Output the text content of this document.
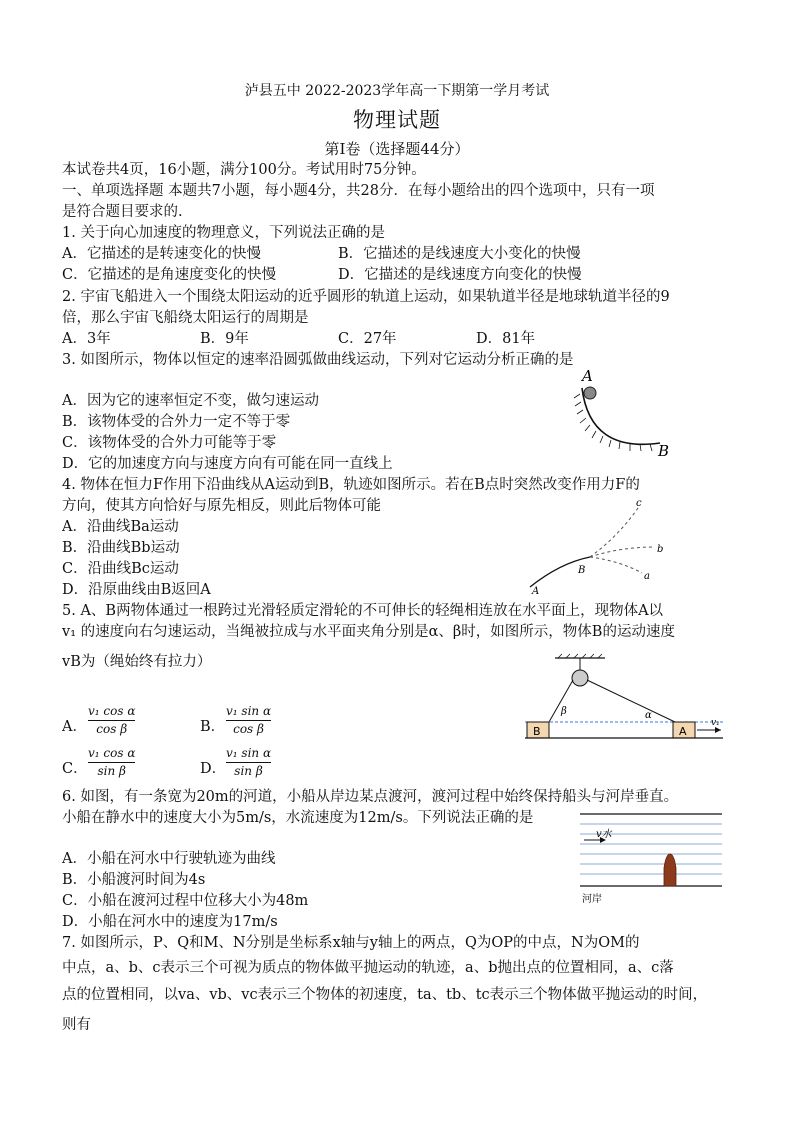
泸县五中 2022-2023学年高一下期第一学月考试
物理试题
第Ⅰ卷（选择题44分）
本试卷共4页，16小题，满分100分。考试用时75分钟。
一、单项选择题 本题共7小题，每小题4分，共28分．在每小题给出的四个选项中，只有一项
是符合题目要求的.
1. 关于向心加速度的物理意义，下列说法正确的是
A．它描述的是转速变化的快慢	B．它描述的是线速度大小变化的快慢
C．它描述的是角速度变化的快慢	D．它描述的是线速度方向变化的快慢
2. 宇宙飞船进入一个围绕太阳运动的近乎圆形的轨道上运动，如果轨道半径是地球轨道半径的9
倍，那么宇宙飞船绕太阳运行的周期是
A．3年	B．9年	C．27年	D．81年
3. 如图所示，物体以恒定的速率沿圆弧做曲线运动，下列对它运动分析正确的是
A．因为它的速率恒定不变，做匀速运动
B．该物体受的合外力一定不等于零
C．该物体受的合外力可能等于零
D．它的加速度方向与速度方向有可能在同一直线上
A
B
4. 物体在恒力F作用下沿曲线从A运动到B，轨迹如图所示。若在B点时突然改变作用力F的
方向，使其方向恰好与原先相反，则此后物体可能
A．沿曲线Ba运动
B．沿曲线Bb运动
C．沿曲线Bc运动
D．沿原曲线由B返回A
c
b
a
B
A
5. A、B两物体通过一根跨过光滑轻质定滑轮的不可伸长的轻绳相连放在水平面上，现物体A以
v₁ 的速度向右匀速运动，当绳被拉成与水平面夹角分别是α、β时，如图所示，物体B的运动速度
vB为（绳始终有拉力）
A．
v₁ cos α
cos β	B．
v₁ sin α
cos β
C．
v₁ cos α
sin β	D．
v₁ sin α
sin β
B	A
β	α
v₁
6. 如图，有一条宽为20m的河道，小船从岸边某点渡河，渡河过程中始终保持船头与河岸垂直。
小船在静水中的速度大小为5m/s，水流速度为12m/s。下列说法正确的是
A．小船在河水中行驶轨迹为曲线
B．小船渡河时间为4s
C．小船在渡河过程中位移大小为48m
D．小船在河水中的速度为17m/s
v水
河岸
7. 如图所示，P、Q和M、N分别是坐标系x轴与y轴上的两点，Q为OP的中点，N为OM的
中点，a、b、c表示三个可视为质点的物体做平抛运动的轨迹，a、b抛出点的位置相同，a、c落
点的位置相同，以va、vb、vc表示三个物体的初速度，ta、tb、tc表示三个物体做平抛运动的时间，
则有
